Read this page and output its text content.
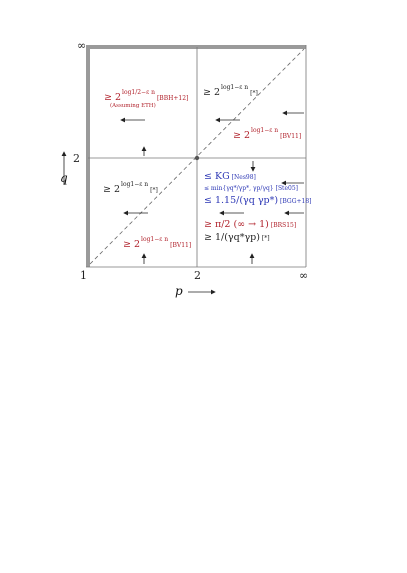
∞
2
1	2	∞
p
q
≥ $2^{log1/2-\varepsilon n}[BBH+12]$
(Assuming ETH)
≥ $2^{log1-\varepsilon n}[*]$
≥ $2^{log1-\varepsilon n}[BV11]$
≥ $2^{log1-\varepsilon n}[*]$
≥ $2^{log1-\varepsilon n}[BV11]$
≤ KG [Nes98]
≤ min{γq*/γp*, γp/γq} [Ste05]
≤ 1.15/(γq γp*) [BGG+18]
≥ π/2 (∞ → 1) [BRS15]
≥ 1/(γq*γp) [*]
